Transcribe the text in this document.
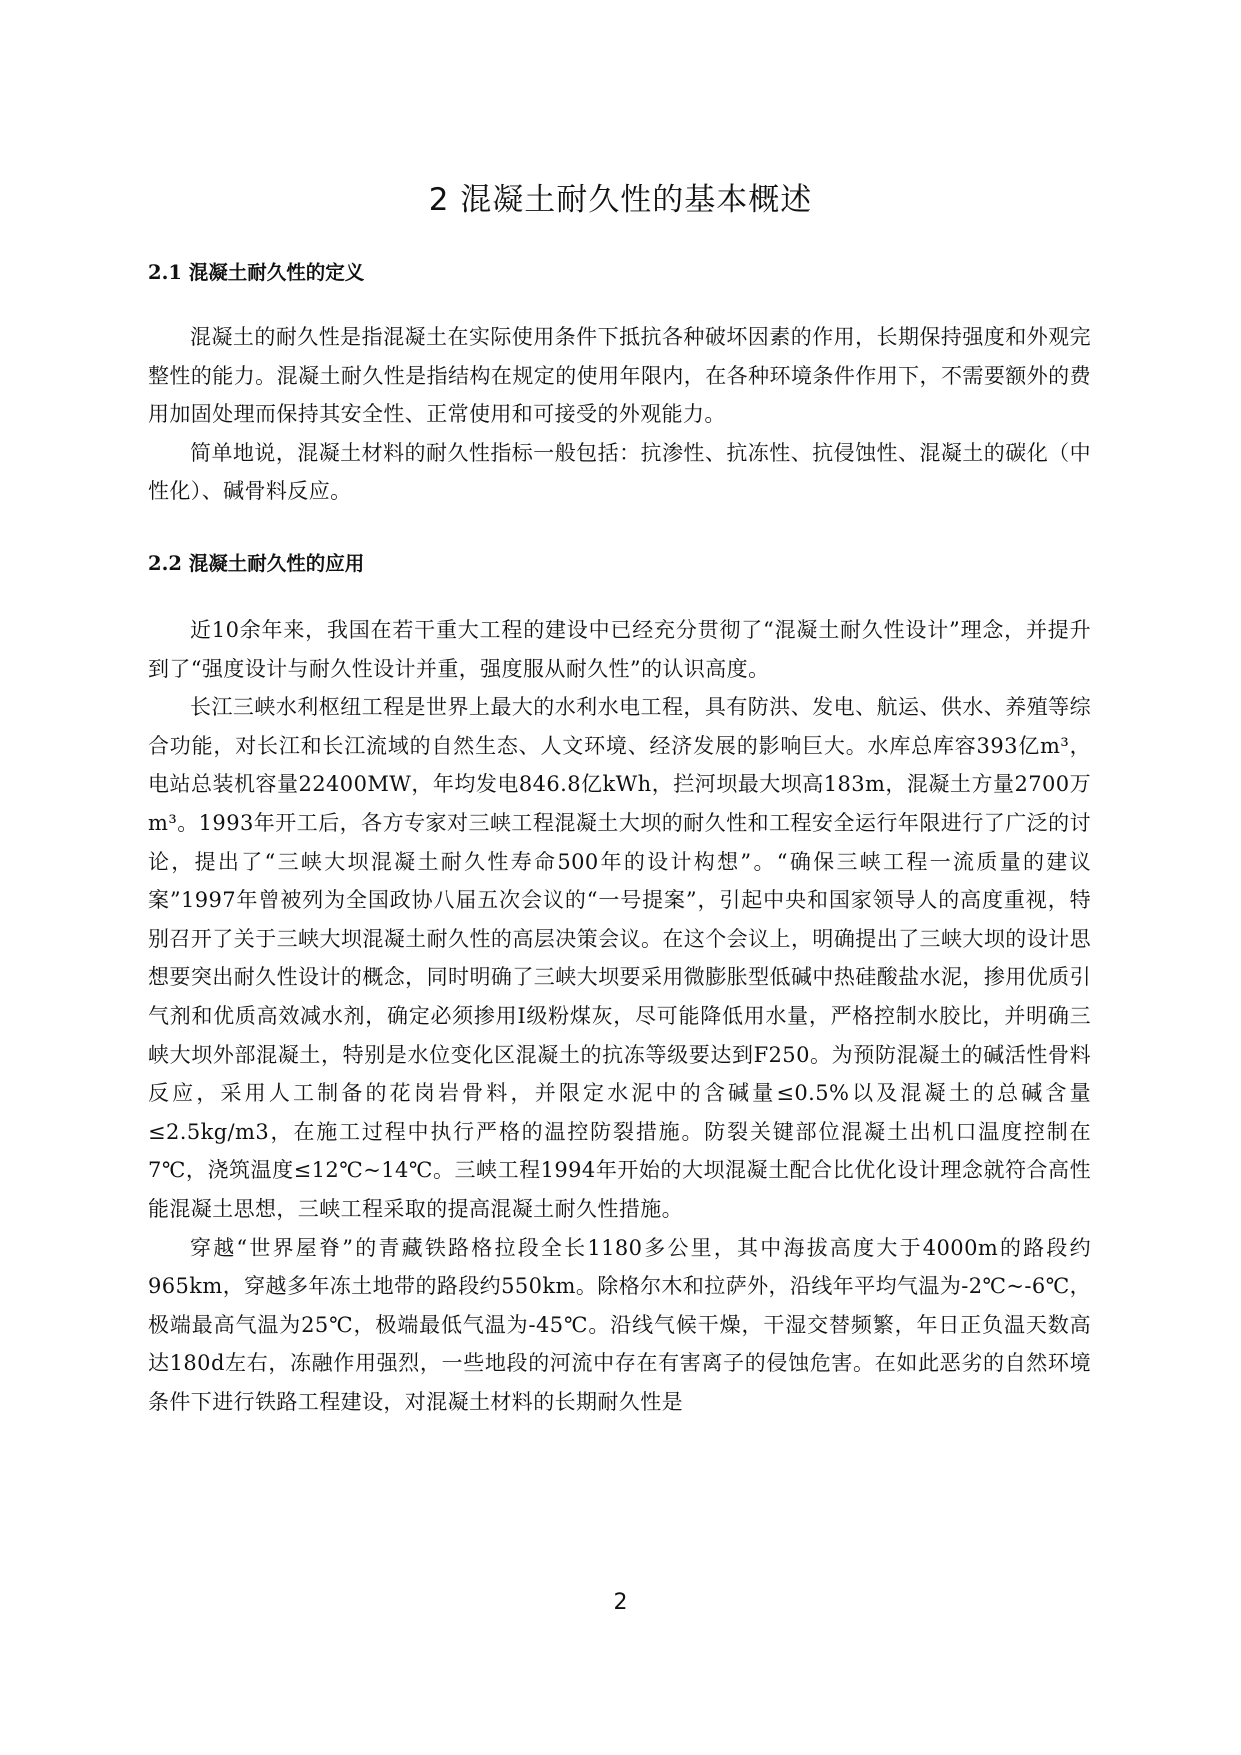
2 混凝土耐久性的基本概述
2.1 混凝土耐久性的定义

混凝土的耐久性是指混凝土在实际使用条件下抵抗各种破坏因素的作用，长期保持强度和外观完整性的能力。混凝土耐久性是指结构在规定的使用年限内，在各种环境条件作用下，不需要额外的费用加固处理而保持其安全性、正常使用和可接受的外观能力。

简单地说，混凝土材料的耐久性指标一般包括：抗渗性、抗冻性、抗侵蚀性、混凝土的碳化（中性化）、碱骨料反应。

2.2 混凝土耐久性的应用

近10余年来，我国在若干重大工程的建设中已经充分贯彻了“混凝土耐久性设计”理念，并提升到了“强度设计与耐久性设计并重，强度服从耐久性”的认识高度。

长江三峡水利枢纽工程是世界上最大的水利水电工程，具有防洪、发电、航运、供水、养殖等综合功能，对长江和长江流域的自然生态、人文环境、经济发展的影响巨大。水库总库容393亿m³，电站总装机容量22400MW，年均发电846.8亿kWh，拦河坝最大坝高183m，混凝土方量2700万m³。1993年开工后，各方专家对三峡工程混凝土大坝的耐久性和工程安全运行年限进行了广泛的讨论，提出了“三峡大坝混凝土耐久性寿命500年的设计构想”。“确保三峡工程一流质量的建议案”1997年曾被列为全国政协八届五次会议的“一号提案”，引起中央和国家领导人的高度重视，特别召开了关于三峡大坝混凝土耐久性的高层决策会议。在这个会议上，明确提出了三峡大坝的设计思想要突出耐久性设计的概念，同时明确了三峡大坝要采用微膨胀型低碱中热硅酸盐水泥，掺用优质引气剂和优质高效减水剂，确定必须掺用Ⅰ级粉煤灰，尽可能降低用水量，严格控制水胶比，并明确三峡大坝外部混凝土，特别是水位变化区混凝土的抗冻等级要达到F250。为预防混凝土的碱活性骨料反应，采用人工制备的花岗岩骨料，并限定水泥中的含碱量≤0.5%以及混凝土的总碱含量≤2.5kg/m3，在施工过程中执行严格的温控防裂措施。防裂关键部位混凝土出机口温度控制在7℃，浇筑温度≤12℃~14℃。三峡工程1994年开始的大坝混凝土配合比优化设计理念就符合高性能混凝土思想，三峡工程采取的提高混凝土耐久性措施。

穿越“世界屋脊”的青藏铁路格拉段全长1180多公里，其中海拔高度大于4000m的路段约965km，穿越多年冻土地带的路段约550km。除格尔木和拉萨外，沿线年平均气温为-2℃~-6℃，极端最高气温为25℃，极端最低气温为-45℃。沿线气候干燥，干湿交替频繁，年日正负温天数高达180d左右，冻融作用强烈，一些地段的河流中存在有害离子的侵蚀危害。在如此恶劣的自然环境条件下进行铁路工程建设，对混凝土材料的长期耐久性是

2
